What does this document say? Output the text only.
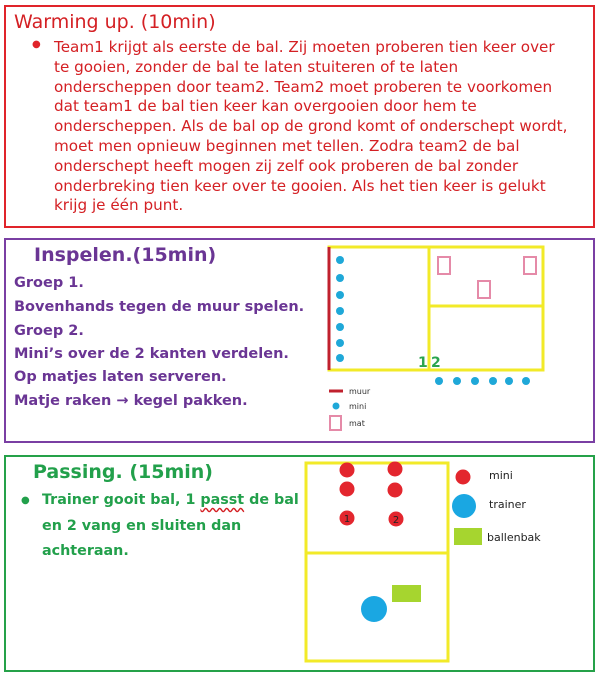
Warming up. (10min)
● Team1 krijgt als eerste de bal. Zij moeten proberen tien keer over te gooien, zonder de bal te laten stuiteren of te laten onderscheppen door team2. Team2 moet proberen te voorkomen dat team1 de bal tien keer kan overgooien door hem te onderscheppen. Als de bal op de grond komt of onderschept wordt, moet men opnieuw beginnen met tellen. Zodra team2 de bal onderschept heeft mogen zij zelf ook proberen de bal zonder onderbreking tien keer over te gooien. Als het tien keer is gelukt krijg je één punt.
Inspelen.(15min)
Groep 1.
Bovenhands tegen de muur spelen.
Groep 2.
Mini’s over de 2 kanten verdelen.
Op matjes laten serveren.
Matje raken → kegel pakken.
1 2
muur
mini
mat
Passing. (15min)
● Trainer gooit bal, 1 passt de bal en 2 vang en sluiten dan achteraan.
1	2
mini
trainer
ballenbak
